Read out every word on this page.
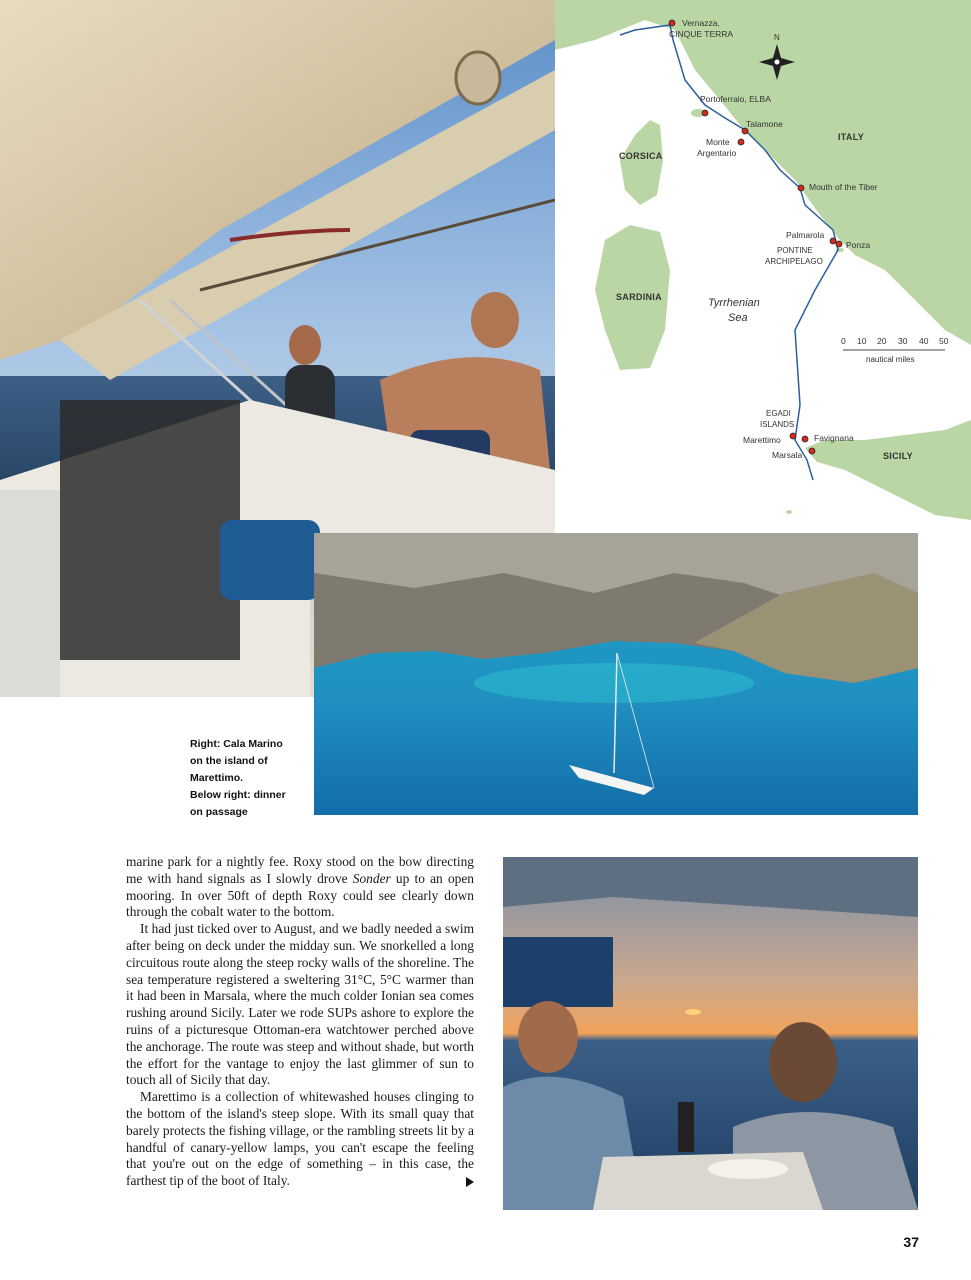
N
ITALY
CORSICA
SARDINIA
SICILY
Tyrrhenian
Sea
PONTINE
ARCHIPELAGO
EGADI
ISLANDS
Vernazza,
CINQUE TERRA
Portoferraio, ELBA
Talamone
Monte
Argentario
Mouth of the Tiber
Palmarola
Ponza
Marettimo	Favignana
Marsala
0 10 20 30 40 50
nautical miles
Right: Cala Marino
on the island of
Marettimo.
Below right: dinner
on passage

marine park for a nightly fee. Roxy stood on the bow directing me with hand signals as I slowly drove Sonder up to an open mooring. In over 50ft of depth Roxy could see clearly down through the cobalt water to the bottom.

It had just ticked over to August, and we badly needed a swim after being on deck under the midday sun. We snorkelled a long circuitous route along the steep rocky walls of the shoreline. The sea temperature registered a sweltering 31°C, 5°C warmer than it had been in Marsala, where the much colder Ionian sea comes rushing around Sicily. Later we rode SUPs ashore to explore the ruins of a picturesque Ottoman-era watchtower perched above the anchorage. The route was steep and without shade, but worth the effort for the vantage to enjoy the last glimmer of sun to touch all of Sicily that day.

Marettimo is a collection of whitewashed houses clinging to the bottom of the island's steep slope. With its small quay that barely protects the fishing village, or the rambling streets lit by a handful of canary-yellow lamps, you can't escape the feeling that you're out on the edge of something – in this case, the farthest tip of the boot of Italy.

37
